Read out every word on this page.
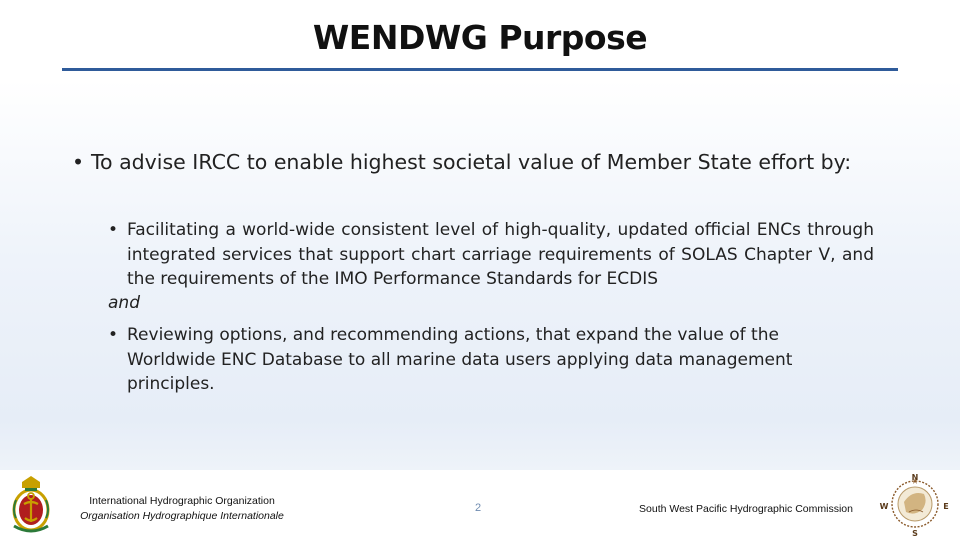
WENDWG Purpose
• To advise IRCC to enable highest societal value of Member State effort by:
• Facilitating a world-wide consistent level of high-quality, updated official ENCs through integrated services that support chart carriage requirements of SOLAS Chapter V, and the requirements of the IMO Performance Standards for ECDIS
and
• Reviewing options, and recommending actions, that expand the value of the Worldwide ENC Database to all marine data users applying data management principles.
International Hydrographic Organization
Organisation Hydrographique Internationale
2	South West Pacific Hydrographic Commission
N
E
S
W
